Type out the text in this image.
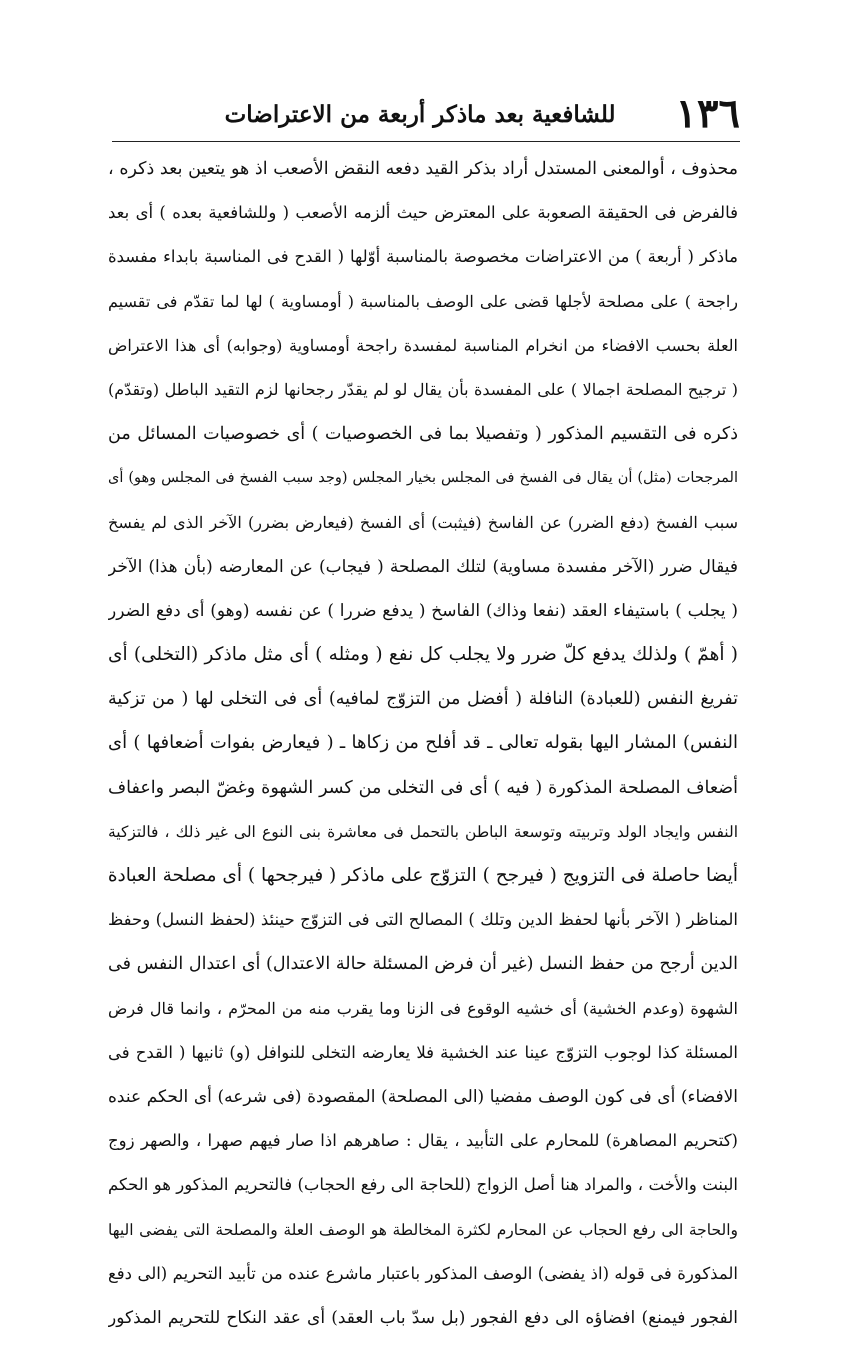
١٣٦
للشافعية بعد ماذكر أربعة من الاعتراضات
محذوف ، أوالمعنى المستدل أراد بذكر القيد دفعه النقض الأصعب اذ هو يتعين بعد ذكره ،
فالفرض فى الحقيقة الصعوبة على المعترض حيث ألزمه الأصعب ( وللشافعية بعده ) أى بعد
ماذكر ( أربعة ) من الاعتراضات مخصوصة بالمناسبة أوّلها ( القدح فى المناسبة بابداء مفسدة
راجحة ) على مصلحة لأجلها قضى على الوصف بالمناسبة ( أومساوية ) لها لما تقدّم فى تقسيم
العلة بحسب الافضاء من انخرام المناسبة لمفسدة راجحة أومساوية (وجوابه) أى هذا الاعتراض
( ترجيح المصلحة اجمالا ) على المفسدة بأن يقال لو لم يقدّر رجحانها لزم التقيد الباطل (وتقدّم)
ذكره فى التقسيم المذكور ( وتفصيلا بما فى الخصوصيات ) أى خصوصيات المسائل من
المرجحات (مثل) أن يقال فى الفسخ فى المجلس بخيار المجلس (وجد سبب الفسخ فى المجلس وهو) أى
سبب الفسخ (دفع الضرر) عن الفاسخ (فيثبت) أى الفسخ (فيعارض بضرر) الآخر الذى لم يفسخ
فيقال ضرر (الآخر مفسدة مساوية) لتلك المصلحة ( فيجاب) عن المعارضه (بأن هذا) الآخر
( يجلب ) باستيفاء العقد (نفعا وذاك) الفاسخ ( يدفع ضررا ) عن نفسه (وهو) أى دفع الضرر
( أهمّ ) ولذلك يدفع كلّ ضرر ولا يجلب كل نفع ( ومثله ) أى مثل ماذكر (التخلى) أى
تفريغ النفس (للعبادة) النافلة ( أفضل من التزوّج لمافيه) أى فى التخلى لها ( من تزكية
النفس) المشار اليها بقوله تعالى ـ قد أفلح من زكاها ـ ( فيعارض بفوات أضعافها ) أى
أضعاف المصلحة المذكورة ( فيه ) أى فى التخلى من كسر الشهوة وغضّ البصر واعفاف
النفس وايجاد الولد وتربيته وتوسعة الباطن بالتحمل فى معاشرة بنى النوع الى غير ذلك ، فالتزكية
أيضا حاصلة فى التزويج ( فيرجح ) التزوّج على ماذكر ( فيرجحها ) أى مصلحة العبادة
المناظر ( الآخر بأنها لحفظ الدين وتلك ) المصالح التى فى التزوّج حينئذ (لحفظ النسل) وحفظ
الدين أرجح من حفظ النسل (غير أن فرض المسئلة حالة الاعتدال) أى اعتدال النفس فى
الشهوة (وعدم الخشية) أى خشيه الوقوع فى الزنا وما يقرب منه من المحرّم ، وانما قال فرض
المسئلة كذا لوجوب التزوّج عينا عند الخشية فلا يعارضه التخلى للنوافل (و) ثانيها ( القدح فى
الافضاء) أى فى كون الوصف مفضيا (الى المصلحة) المقصودة (فى شرعه) أى الحكم عنده
(كتحريم المصاهرة) للمحارم على التأبيد ، يقال : صاهرهم اذا صار فيهم صهرا ، والصهر زوج
البنت والأخت ، والمراد هنا أصل الزواج (للحاجة الى رفع الحجاب) فالتحريم المذكور هو الحكم
والحاجة الى رفع الحجاب عن المحارم لكثرة المخالطة هو الوصف العلة والمصلحة التى يفضى اليها
المذكورة فى قوله (اذ يفضى) الوصف المذكور باعتبار ماشرع عنده من تأبيد التحريم (الى دفع
الفجور فيمنع) افضاؤه الى دفع الفجور (بل سدّ باب العقد) أى عقد النكاح للتحريم المذكور
